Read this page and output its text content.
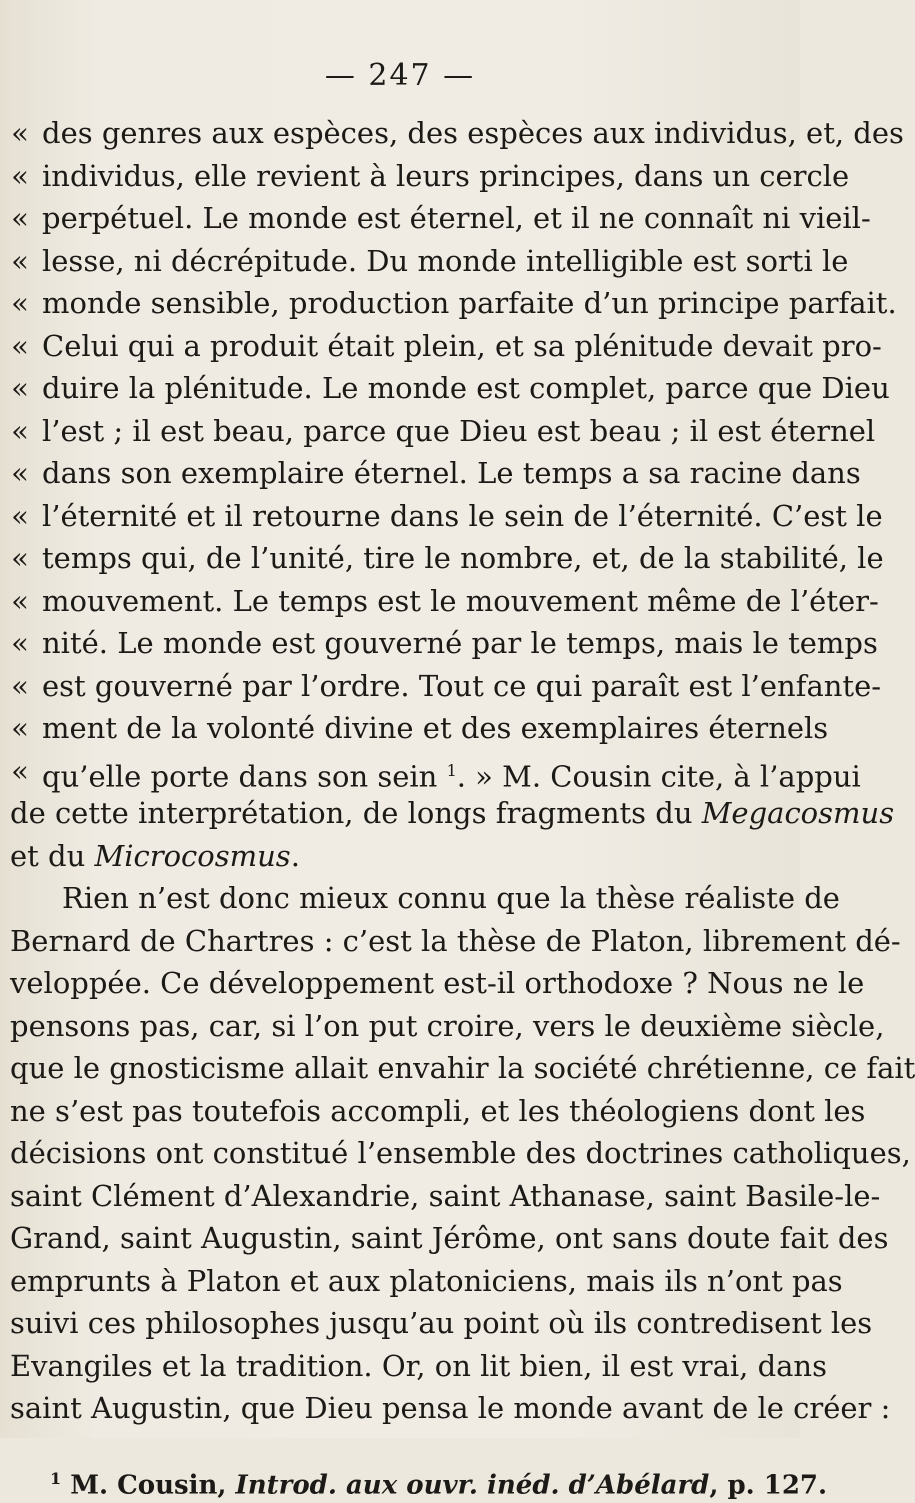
— 247 —
« des genres aux espèces, des espèces aux individus, et, des
« individus, elle revient à leurs principes, dans un cercle
« perpétuel. Le monde est éternel, et il ne connaît ni vieil-
« lesse, ni décrépitude. Du monde intelligible est sorti le
« monde sensible, production parfaite d’un principe parfait.
« Celui qui a produit était plein, et sa plénitude devait pro-
« duire la plénitude. Le monde est complet, parce que Dieu
« l’est ; il est beau, parce que Dieu est beau ; il est éternel
« dans son exemplaire éternel. Le temps a sa racine dans
« l’éternité et il retourne dans le sein de l’éternité. C’est le
« temps qui, de l’unité, tire le nombre, et, de la stabilité, le
« mouvement. Le temps est le mouvement même de l’éter-
« nité. Le monde est gouverné par le temps, mais le temps
« est gouverné par l’ordre. Tout ce qui paraît est l’enfante-
« ment de la volonté divine et des exemplaires éternels
« qu’elle porte dans son sein $^1$. » M. Cousin cite, à l’appui
de cette interprétation, de longs fragments du Megacosmus
et du Microcosmus.
Rien n’est donc mieux connu que la thèse réaliste de
Bernard de Chartres : c’est la thèse de Platon, librement dé-
veloppée. Ce développement est-il orthodoxe ? Nous ne le
pensons pas, car, si l’on put croire, vers le deuxième siècle,
que le gnosticisme allait envahir la société chrétienne, ce fait
ne s’est pas toutefois accompli, et les théologiens dont les
décisions ont constitué l’ensemble des doctrines catholiques,
saint Clément d’Alexandrie, saint Athanase, saint Basile-le-
Grand, saint Augustin, saint Jérôme, ont sans doute fait des
emprunts à Platon et aux platoniciens, mais ils n’ont pas
suivi ces philosophes jusqu’au point où ils contredisent les
Evangiles et la tradition. Or, on lit bien, il est vrai, dans
saint Augustin, que Dieu pensa le monde avant de le créer :
$^1$ M. Cousin, Introd. aux ouvr. inéd. d’Abélard, p. 127.
